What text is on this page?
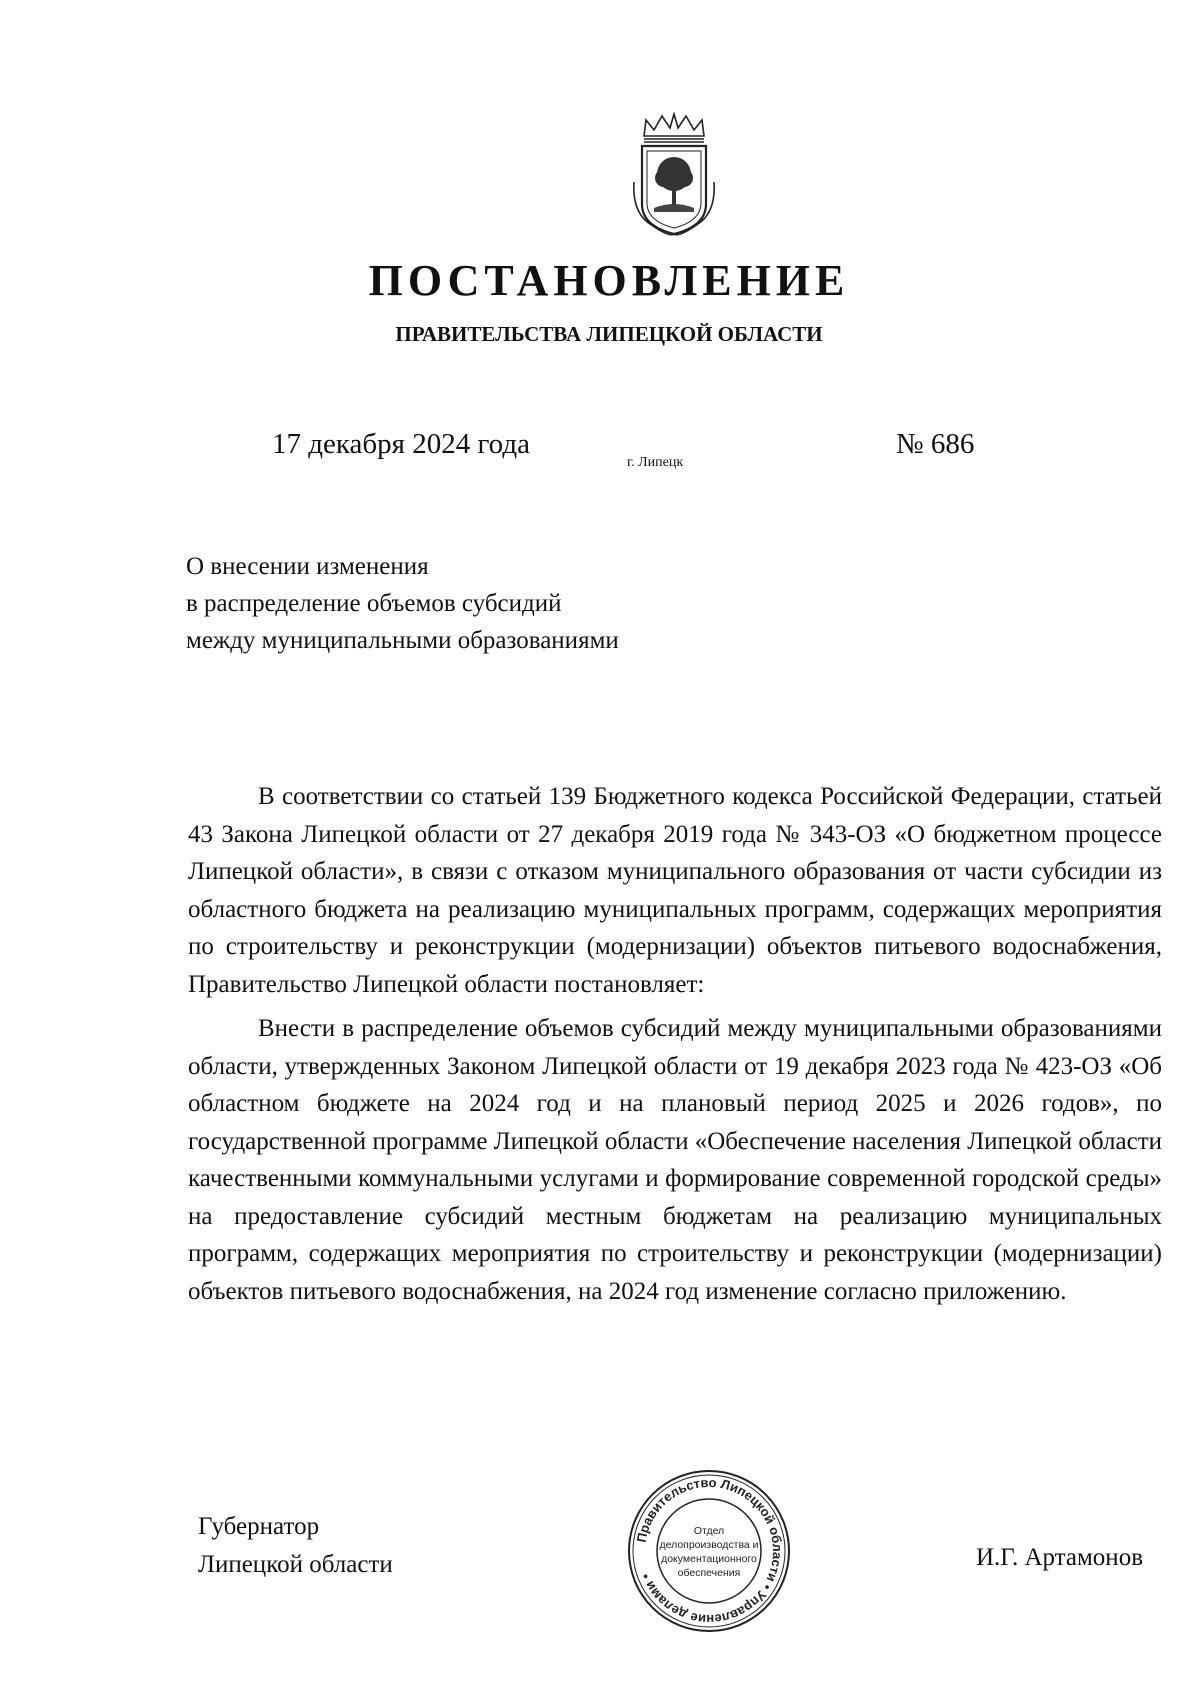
ПОСТАНОВЛЕНИЕ
ПРАВИТЕЛЬСТВА ЛИПЕЦКОЙ ОБЛАСТИ
17 декабря 2024 года
г. Липецк
№ 686
О внесении изменения
в распределение объемов субсидий
между муниципальными образованиями

В соответствии со статьей 139 Бюджетного кодекса Российской Федерации, статьей 43 Закона Липецкой области от 27 декабря 2019 года № 343-ОЗ «О бюджетном процессе Липецкой области», в связи с отказом муниципального образования от части субсидии из областного бюджета на реализацию муниципальных программ, содержащих мероприятия по строительству и реконструкции (модернизации) объектов питьевого водоснабжения, Правительство Липецкой области постановляет:

Внести в распределение объемов субсидий между муниципальными образованиями области, утвержденных Законом Липецкой области от 19 декабря 2023 года № 423-ОЗ «Об областном бюджете на 2024 год и на плановый период 2025 и 2026 годов», по государственной программе Липецкой области «Обеспечение населения Липецкой области качественными коммунальными услугами и формирование современной городской среды» на предоставление субсидий местным бюджетам на реализацию муниципальных программ, содержащих мероприятия по строительству и реконструкции (модернизации) объектов питьевого водоснабжения, на 2024 год изменение согласно приложению.

Губернатор
Липецкой области
Правительство Липецкой области • Управление делами •
Отдел
делопроизводства и
документационного
обеспечения
И.Г. Артамонов
